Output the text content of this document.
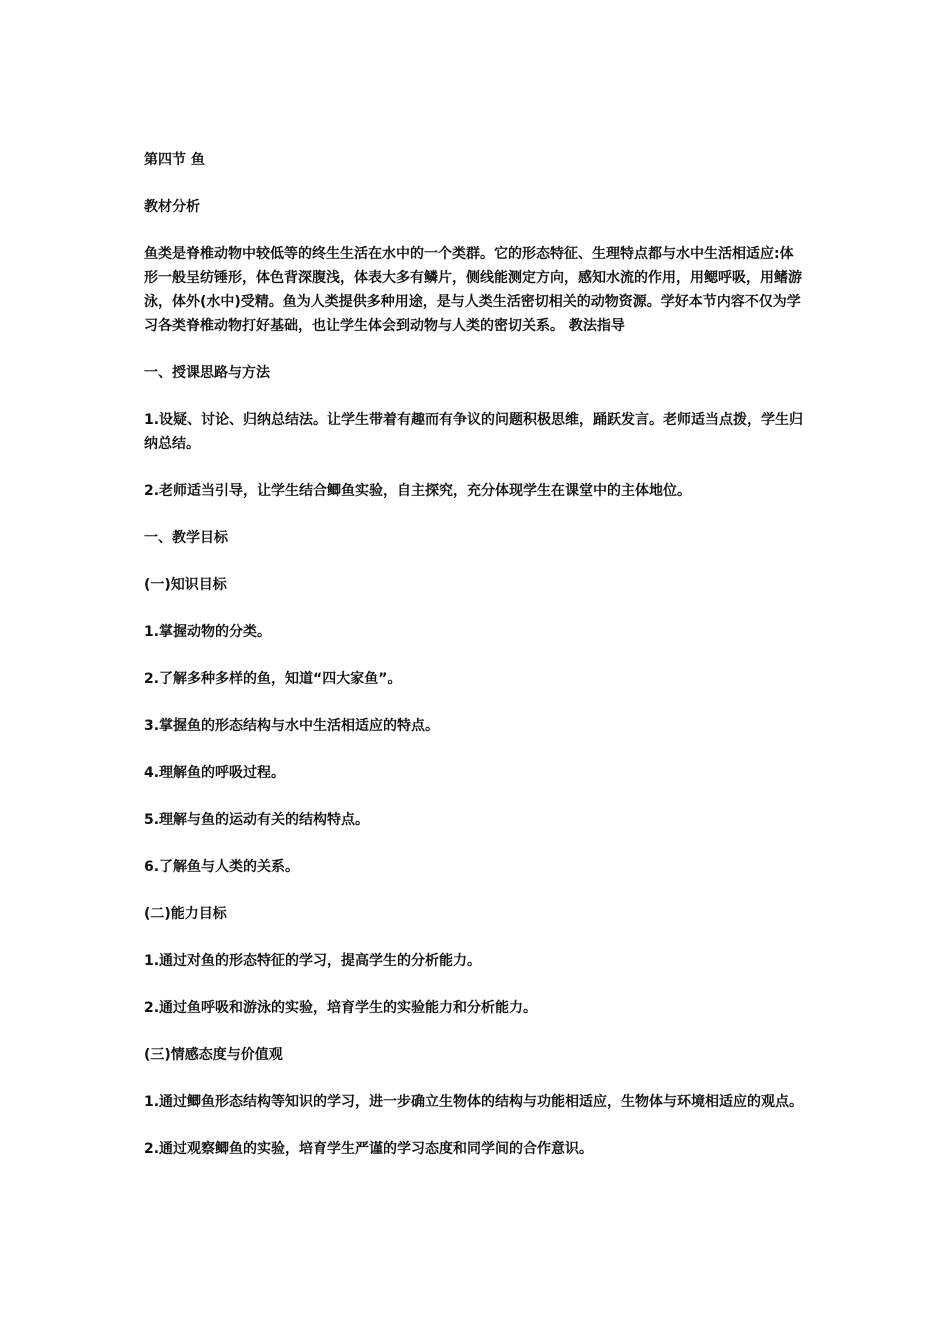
第四节 鱼

教材分析

鱼类是脊椎动物中较低等的终生生活在水中的一个类群。它的形态特征、生理特点都与水中生活相适应:体形一般呈纺锤形，体色背深腹浅，体表大多有鳞片，侧线能测定方向，感知水流的作用，用鳃呼吸，用鳍游泳，体外(水中)受精。鱼为人类提供多种用途，是与人类生活密切相关的动物资源。学好本节内容不仅为学习各类脊椎动物打好基础，也让学生体会到动物与人类的密切关系。 教法指导

一、授课思路与方法

1.设疑、讨论、归纳总结法。让学生带着有趣而有争议的问题积极思维，踊跃发言。老师适当点拨，学生归纳总结。

2.老师适当引导，让学生结合鲫鱼实验，自主探究，充分体现学生在课堂中的主体地位。

一、教学目标

(一)知识目标

1.掌握动物的分类。

2.了解多种多样的鱼，知道“四大家鱼”。

3.掌握鱼的形态结构与水中生活相适应的特点。

4.理解鱼的呼吸过程。

5.理解与鱼的运动有关的结构特点。

6.了解鱼与人类的关系。

(二)能力目标

1.通过对鱼的形态特征的学习，提高学生的分析能力。

2.通过鱼呼吸和游泳的实验，培育学生的实验能力和分析能力。

(三)情感态度与价值观

1.通过鲫鱼形态结构等知识的学习，进一步确立生物体的结构与功能相适应，生物体与环境相适应的观点。

2.通过观察鲫鱼的实验，培育学生严谨的学习态度和同学间的合作意识。
